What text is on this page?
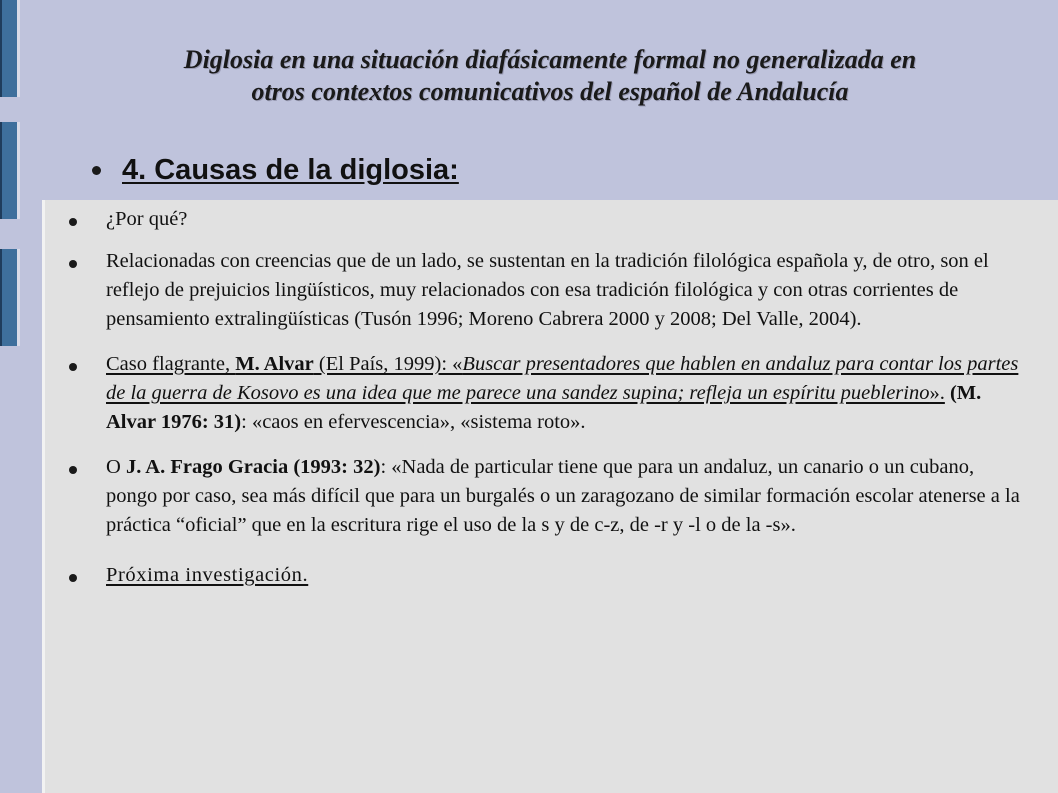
Diglosia en una situación diafásicamente formal no generalizada en
otros contextos comunicativos del español de Andalucía
4. Causas de la diglosia:
¿Por qué?
Relacionadas con creencias que de un lado, se sustentan en la tradición filológica española y, de otro, son el reflejo de prejuicios lingüísticos, muy relacionados con esa tradición filológica y con otras corrientes de pensamiento extralingüísticas (Tusón 1996; Moreno Cabrera 2000 y 2008; Del Valle, 2004).
Caso flagrante, M. Alvar (El País, 1999): «Buscar presentadores que hablen en andaluz para contar los partes de la guerra de Kosovo es una idea que me parece una sandez supina; refleja un espíritu pueblerino». (M. Alvar 1976: 31): «caos en efervescencia», «sistema roto».
O J. A. Frago Gracia (1993: 32): «Nada de particular tiene que para un andaluz, un canario o un cubano, pongo por caso, sea más difícil que para un burgalés o un zaragozano de similar formación escolar atenerse a la práctica “oficial” que en la escritura rige el uso de la s y de c-z, de -r y -l o de la -s».
Próxima investigación.
